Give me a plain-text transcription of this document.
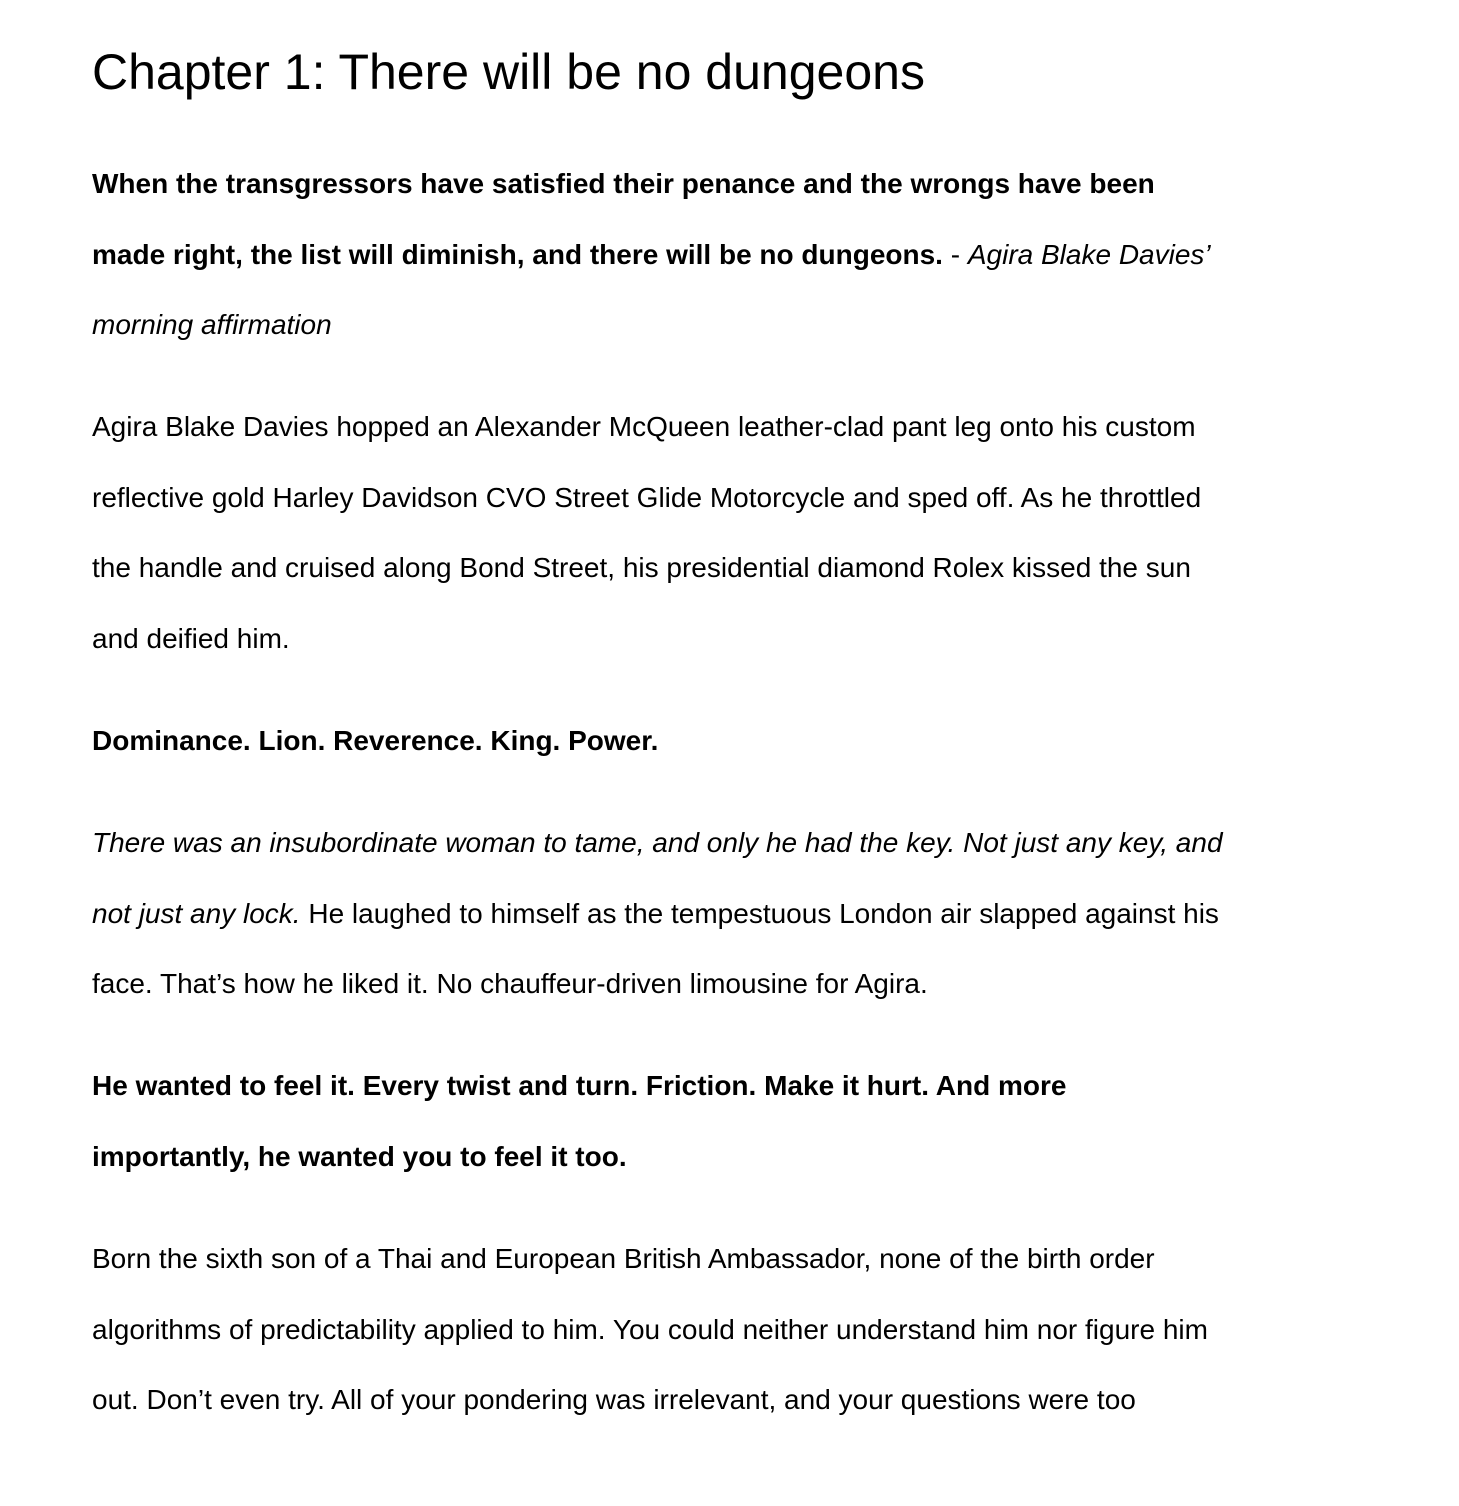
Chapter 1: There will be no dungeons
When the transgressors have satisfied their penance and the wrongs have been
made right, the list will diminish, and there will be no dungeons. - Agira Blake Davies’
morning affirmation
Agira Blake Davies hopped an Alexander McQueen leather-clad pant leg onto his custom
reflective gold Harley Davidson CVO Street Glide Motorcycle and sped off. As he throttled
the handle and cruised along Bond Street, his presidential diamond Rolex kissed the sun
and deified him.
Dominance. Lion. Reverence. King. Power.
There was an insubordinate woman to tame, and only he had the key. Not just any key, and
not just any lock. He laughed to himself as the tempestuous London air slapped against his
face. That’s how he liked it. No chauffeur-driven limousine for Agira.
He wanted to feel it. Every twist and turn. Friction. Make it hurt. And more
importantly, he wanted you to feel it too.
Born the sixth son of a Thai and European British Ambassador, none of the birth order
algorithms of predictability applied to him. You could neither understand him nor figure him
out. Don’t even try. All of your pondering was irrelevant, and your questions were too
